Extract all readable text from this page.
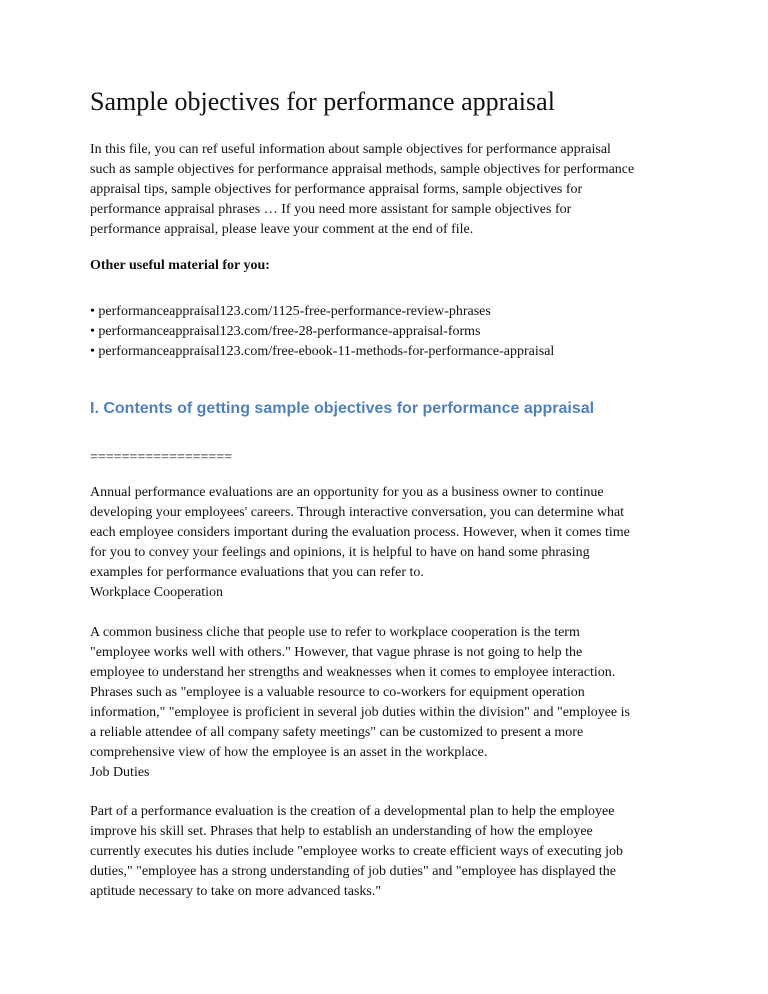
Sample objectives for performance appraisal
In this file, you can ref useful information about sample objectives for performance appraisal
such as sample objectives for performance appraisal methods, sample objectives for performance
appraisal tips, sample objectives for performance appraisal forms, sample objectives for
performance appraisal phrases … If you need more assistant for sample objectives for
performance appraisal, please leave your comment at the end of file.
Other useful material for you:
• performanceappraisal123.com/1125-free-performance-review-phrases
• performanceappraisal123.com/free-28-performance-appraisal-forms
• performanceappraisal123.com/free-ebook-11-methods-for-performance-appraisal
I. Contents of getting sample objectives for performance appraisal
==================
Annual performance evaluations are an opportunity for you as a business owner to continue
developing your employees' careers. Through interactive conversation, you can determine what
each employee considers important during the evaluation process. However, when it comes time
for you to convey your feelings and opinions, it is helpful to have on hand some phrasing
examples for performance evaluations that you can refer to.
Workplace Cooperation
A common business cliche that people use to refer to workplace cooperation is the term
"employee works well with others." However, that vague phrase is not going to help the
employee to understand her strengths and weaknesses when it comes to employee interaction.
Phrases such as "employee is a valuable resource to co-workers for equipment operation
information," "employee is proficient in several job duties within the division" and "employee is
a reliable attendee of all company safety meetings" can be customized to present a more
comprehensive view of how the employee is an asset in the workplace.
Job Duties
Part of a performance evaluation is the creation of a developmental plan to help the employee
improve his skill set. Phrases that help to establish an understanding of how the employee
currently executes his duties include "employee works to create efficient ways of executing job
duties," "employee has a strong understanding of job duties" and "employee has displayed the
aptitude necessary to take on more advanced tasks."
